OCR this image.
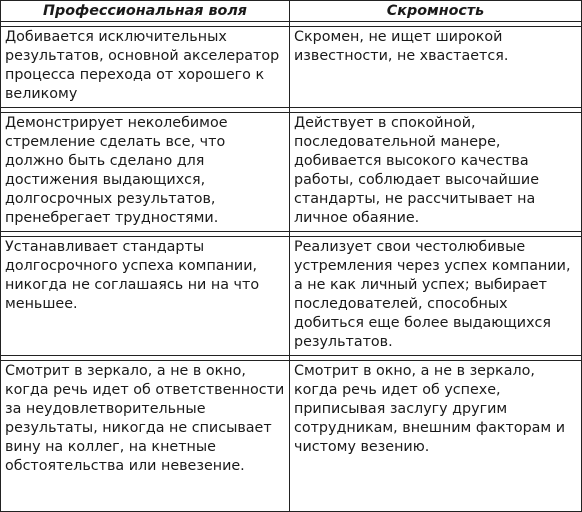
Профессиональная воля	Скромность

Добивается исключительных результатов, основной акселератор процесса перехода от хорошего к великому	Скромен, не ищет широкой известности, не хвастается.

Демонстрирует неколебимое стремление сделать все, что должно быть сделано для достижения выдающихся, долгосрочных результатов, пренебрегает трудностями.	Действует в спокойной, последовательной манере, добивается высокого качества работы, соблюдает высочайшие стандарты, не рассчитывает на личное обаяние.

Устанавливает стандарты долгосрочного успеха компании, никогда не соглашаясь ни на что меньшее.	Реализует свои честолюбивые устремления через успех компании, а не как личный успех; выбирает последователей, способных добиться еще более выдающихся результатов.

Смотрит в зеркало, а не в окно, когда речь идет об ответственности за неудовлетворительные результаты, никогда не списывает вину на коллег, на кнетные обстоятельства или невезение.	Смотрит в окно, а не в зеркало, когда речь идет об успехе, приписывая заслугу другим сотрудникам, внешним факторам и чистому везению.
